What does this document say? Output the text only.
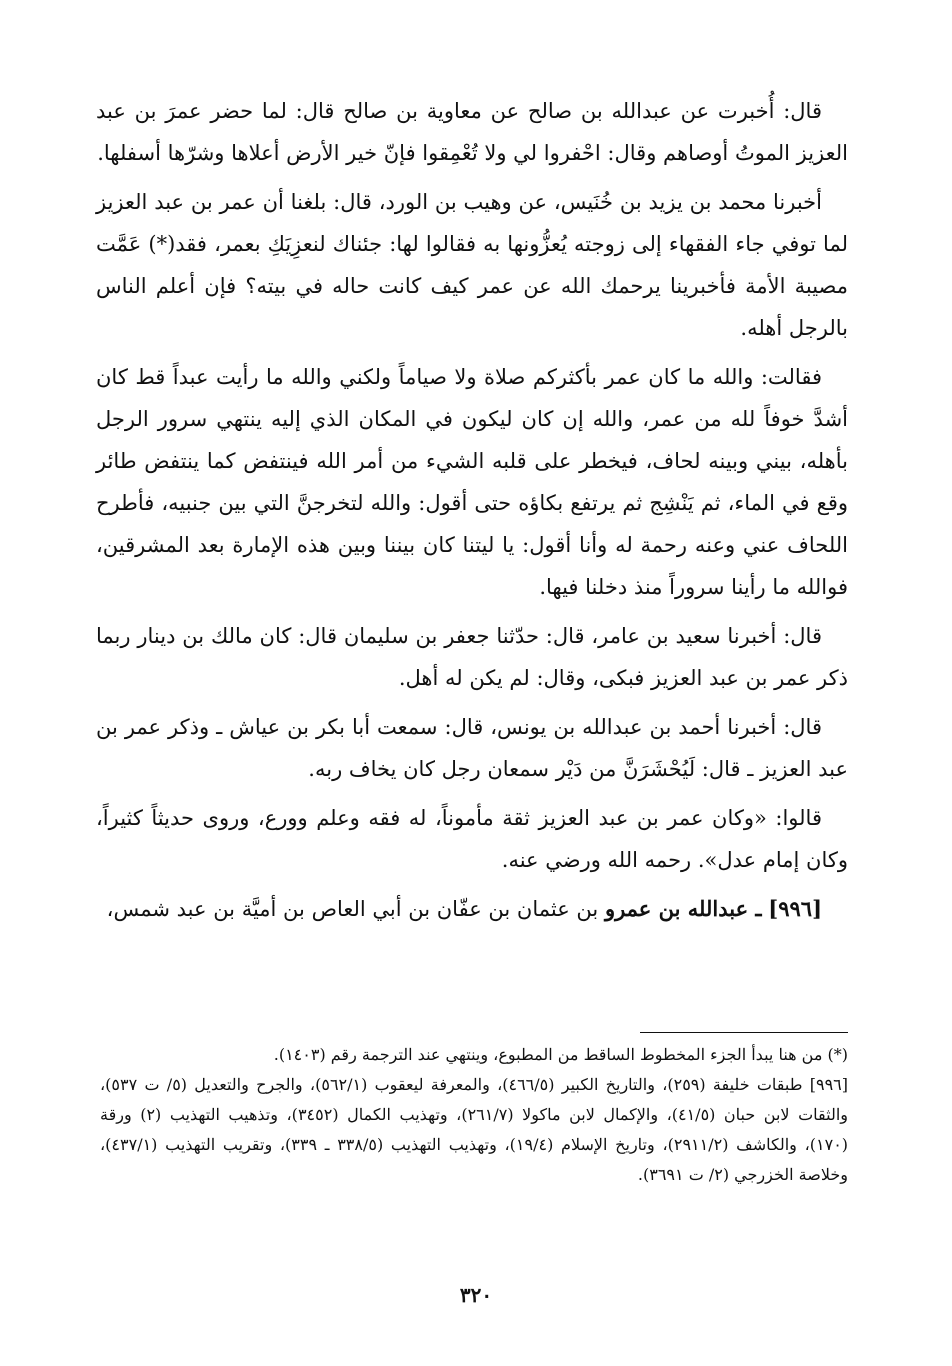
قال: أُخبرت عن عبدالله بن صالح عن معاوية بن صالح قال: لما حضر عمرَ بن عبد العزيز الموتُ أوصاهم وقال: احْفروا لي ولا تُعْمِقوا فإنّ خير الأرض أعلاها وشرّها أسفلها.

أخبرنا محمد بن يزيد بن خُنَيس، عن وهيب بن الورد، قال: بلغنا أن عمر بن عبد العزيز لما توفي جاء الفقهاء إلى زوجته يُعزُّونها به فقالوا لها: جئناك لنعزِيَكِ بعمر، فقد(*) عَمَّت مصيبة الأمة فأخبرينا يرحمك الله عن عمر كيف كانت حاله في بيته؟ فإن أعلم الناس بالرجل أهله.

فقالت: والله ما كان عمر بأكثركم صلاة ولا صياماً ولكني والله ما رأيت عبداً قط كان أشدَّ خوفاً لله من عمر، والله إن كان ليكون في المكان الذي إليه ينتهي سرور الرجل بأهله، بيني وبينه لحاف، فيخطر على قلبه الشيء من أمر الله فينتفض كما ينتفض طائر وقع في الماء، ثم يَنْشِج ثم يرتفع بكاؤه حتى أقول: والله لتخرجنَّ التي بين جنبيه، فأطرح اللحاف عني وعنه رحمة له وأنا أقول: يا ليتنا كان بيننا وبين هذه الإمارة بعد المشرقين، فوالله ما رأينا سروراً منذ دخلنا فيها.

قال: أخبرنا سعيد بن عامر، قال: حدّثنا جعفر بن سليمان قال: كان مالك بن دينار ربما ذكر عمر بن عبد العزيز فبكى، وقال: لم يكن له أهل.

قال: أخبرنا أحمد بن عبدالله بن يونس، قال: سمعت أبا بكر بن عياش ـ وذكر عمر بن عبد العزيز ـ قال: لَيُحْشَرَنَّ من دَيْر سمعان رجل كان يخاف ربه.

قالوا: «وكان عمر بن عبد العزيز ثقة مأموناً، له فقه وعلم وورع، وروى حديثاً كثيراً، وكان إمام عدل». رحمه الله ورضي عنه.

[٩٩٦] ـ عبدالله بن عمرو بن عثمان بن عفّان بن أبي العاص بن أميَّة بن عبد شمس،

(*) من هنا يبدأ الجزء المخطوط الساقط من المطبوع، وينتهي عند الترجمة رقم (١٤٠٣).

[٩٩٦] طبقات خليفة (٢٥٩)، والتاريخ الكبير (٤٦٦/٥)، والمعرفة ليعقوب (٥٦٢/١)، والجرح والتعديل (٥/ ت ٥٣٧)، والثقات لابن حبان (٤١/٥)، والإكمال لابن ماكولا (٢٦١/٧)، وتهذيب الكمال (٣٤٥٢)، وتذهيب التهذيب (٢) ورقة (١٧٠)، والكاشف (٢٩١١/٢)، وتاريخ الإسلام (١٩/٤)، وتهذيب التهذيب (٣٣٨/٥ ـ ٣٣٩)، وتقريب التهذيب (٤٣٧/١)، وخلاصة الخزرجي (٢/ ت ٣٦٩١).

٣٢٠
